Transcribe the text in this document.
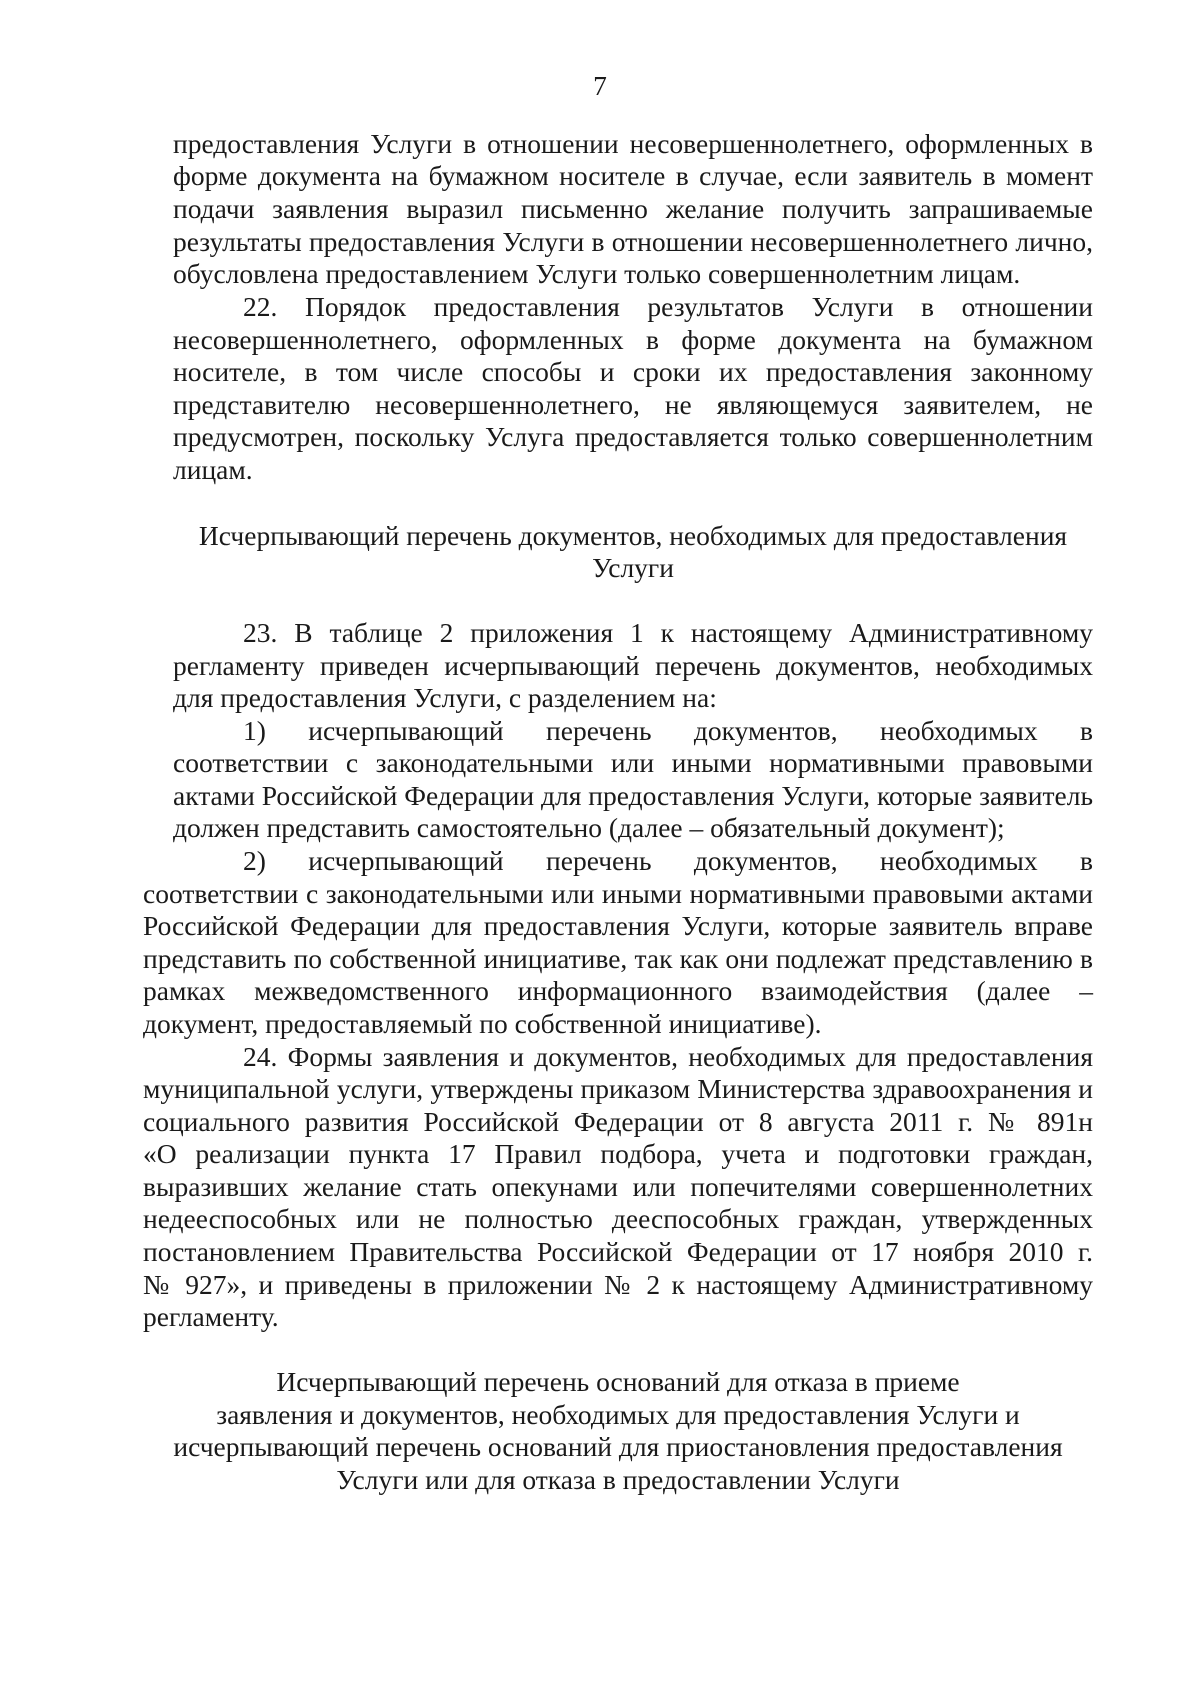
7
предоставления Услуги в отношении несовершеннолетнего, оформленных в
форме документа на бумажном носителе в случае, если заявитель в момент
подачи заявления выразил письменно желание получить запрашиваемые
результаты предоставления Услуги в отношении несовершеннолетнего лично,
обусловлена предоставлением Услуги только совершеннолетним лицам.
22. Порядок предоставления результатов Услуги в отношении
несовершеннолетнего, оформленных в форме документа на бумажном
носителе, в том числе способы и сроки их предоставления законному
представителю несовершеннолетнего, не являющемуся заявителем, не
предусмотрен, поскольку Услуга предоставляется только совершеннолетним
лицам.
Исчерпывающий перечень документов, необходимых для предоставления
Услуги
23. В таблице 2 приложения 1 к настоящему Административному
регламенту приведен исчерпывающий перечень документов, необходимых
для предоставления Услуги, с разделением на:
1) исчерпывающий перечень документов, необходимых в
соответствии с законодательными или иными нормативными правовыми
актами Российской Федерации для предоставления Услуги, которые заявитель
должен представить самостоятельно (далее – обязательный документ);
2) исчерпывающий перечень документов, необходимых в
соответствии с законодательными или иными нормативными правовыми актами
Российской Федерации для предоставления Услуги, которые заявитель вправе
представить по собственной инициативе, так как они подлежат представлению в
рамках межведомственного информационного взаимодействия (далее –
документ, предоставляемый по собственной инициативе).
24. Формы заявления и документов, необходимых для предоставления
муниципальной услуги, утверждены приказом Министерства здравоохранения и
социального развития Российской Федерации от 8 августа 2011 г. № 891н
«О реализации пункта 17 Правил подбора, учета и подготовки граждан,
выразивших желание стать опекунами или попечителями совершеннолетних
недееспособных или не полностью дееспособных граждан, утвержденных
постановлением Правительства Российской Федерации от 17 ноября 2010 г.
№ 927», и приведены в приложении № 2 к настоящему Административному
регламенту.
Исчерпывающий перечень оснований для отказа в приеме
заявления и документов, необходимых для предоставления Услуги и
исчерпывающий перечень оснований для приостановления предоставления
Услуги или для отказа в предоставлении Услуги
